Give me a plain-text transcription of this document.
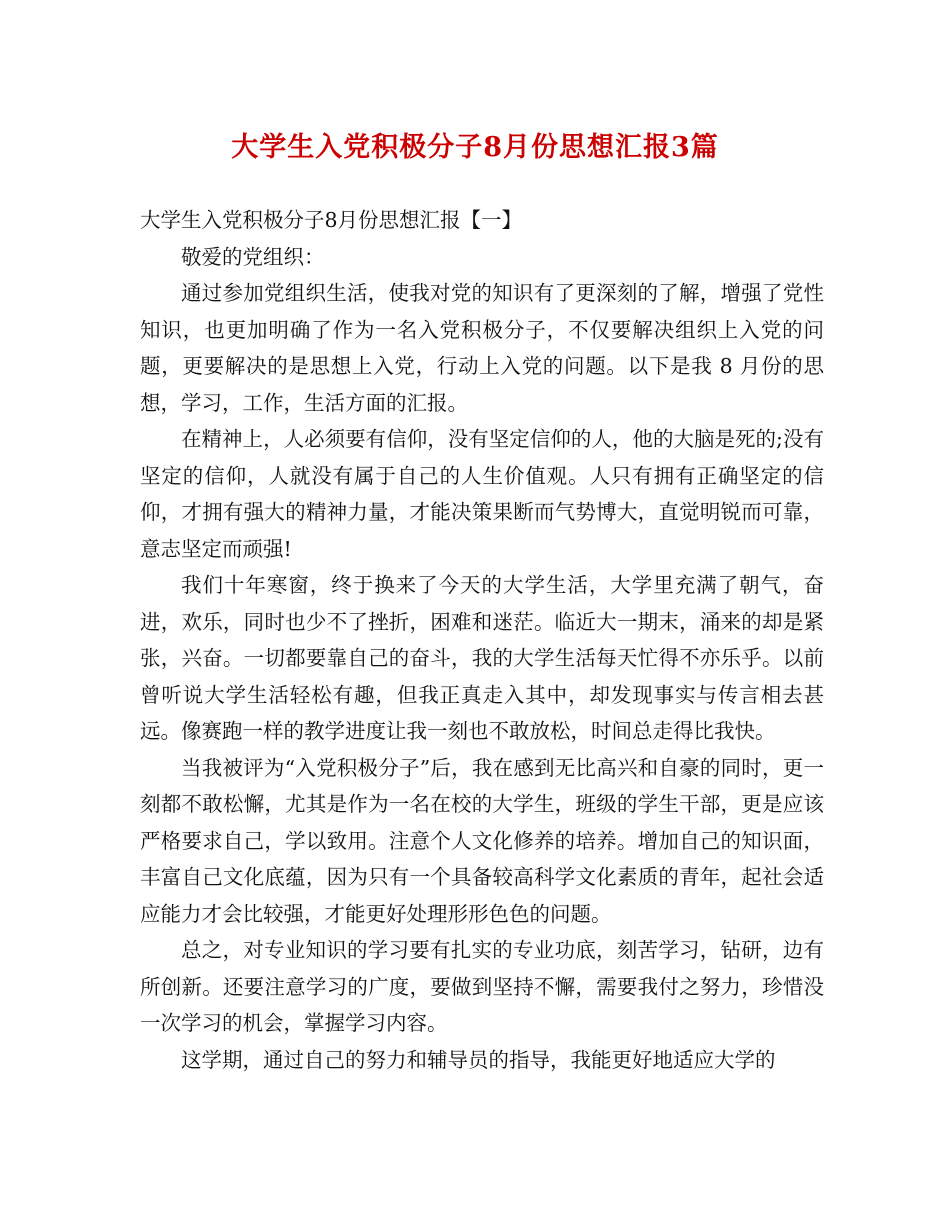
大学生入党积极分子8月份思想汇报3篇

大学生入党积极分子8月份思想汇报【一】

敬爱的党组织：

通过参加党组织生活，使我对党的知识有了更深刻的了解，增强了党性知识，也更加明确了作为一名入党积极分子，不仅要解决组织上入党的问题，更要解决的是思想上入党，行动上入党的问题。以下是我 8 月份的思想，学习，工作，生活方面的汇报。

在精神上，人必须要有信仰，没有坚定信仰的人，他的大脑是死的;没有坚定的信仰，人就没有属于自己的人生价值观。人只有拥有正确坚定的信仰，才拥有强大的精神力量，才能决策果断而气势博大，直觉明锐而可靠，意志坚定而顽强!

我们十年寒窗，终于换来了今天的大学生活，大学里充满了朝气，奋进，欢乐，同时也少不了挫折，困难和迷茫。临近大一期末，涌来的却是紧张，兴奋。一切都要靠自己的奋斗，我的大学生活每天忙得不亦乐乎。以前曾听说大学生活轻松有趣，但我正真走入其中，却发现事实与传言相去甚远。像赛跑一样的教学进度让我一刻也不敢放松，时间总走得比我快。

当我被评为“入党积极分子”后，我在感到无比高兴和自豪的同时，更一刻都不敢松懈，尤其是作为一名在校的大学生，班级的学生干部，更是应该严格要求自己，学以致用。注意个人文化修养的培养。增加自己的知识面，丰富自己文化底蕴，因为只有一个具备较高科学文化素质的青年，起社会适应能力才会比较强，才能更好处理形形色色的问题。

总之，对专业知识的学习要有扎实的专业功底，刻苦学习，钻研，边有所创新。还要注意学习的广度，要做到坚持不懈，需要我付之努力，珍惜没一次学习的机会，掌握学习内容。

这学期，通过自己的努力和辅导员的指导，我能更好地适应大学的
